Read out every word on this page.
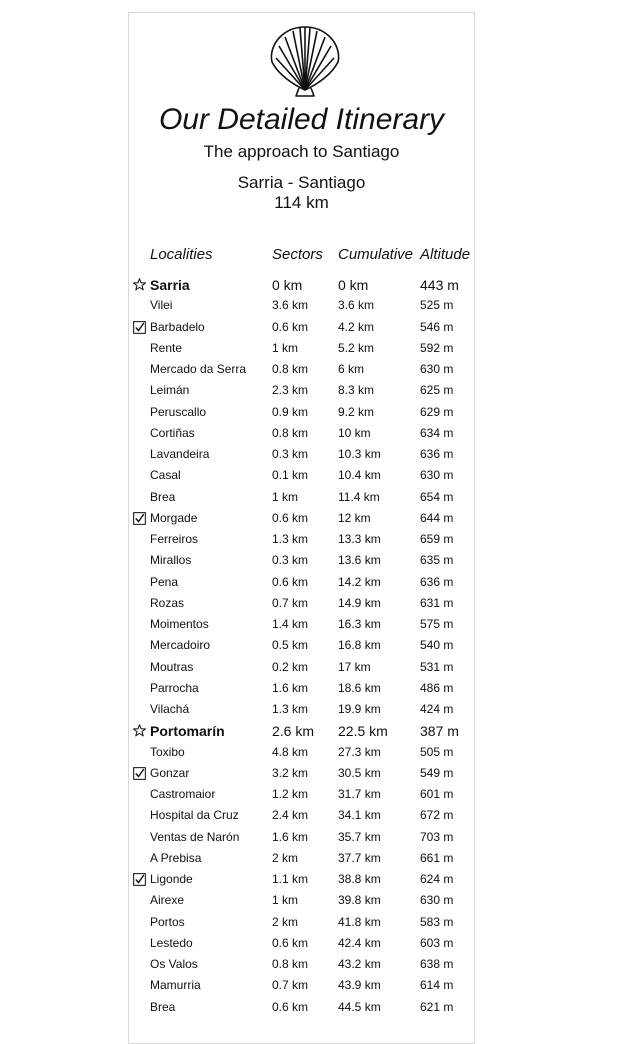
Our Detailed Itinerary
The approach to Santiago
Sarria - Santiago
114 km
Localities	Sectors Cumulative Altitude
Sarria	0 km	0 km	443 m
Vilei	3.6 km 3.6 km	525 m
Barbadelo	0.6 km 4.2 km	546 m
Rente	1 km	5.2 km	592 m
Mercado da Serra 0.8 km 6 km	630 m
Leimán	2.3 km 8.3 km	625 m
Peruscallo	0.9 km 9.2 km	629 m
Cortiñas	0.8 km 10 km	634 m
Lavandeira	0.3 km 10.3 km	636 m
Casal	0.1 km 10.4 km	630 m
Brea	1 km	11.4 km	654 m
Morgade	0.6 km 12 km	644 m
Ferreiros	1.3 km 13.3 km	659 m
Mirallos	0.3 km 13.6 km	635 m
Pena	0.6 km 14.2 km	636 m
Rozas	0.7 km 14.9 km	631 m
Moimentos	1.4 km 16.3 km	575 m
Mercadoiro	0.5 km 16.8 km	540 m
Moutras	0.2 km 17 km	531 m
Parrocha	1.6 km 18.6 km	486 m
Vilachá	1.3 km 19.9 km	424 m
Portomarín	2.6 km 22.5 km 387 m
Toxibo	4.8 km 27.3 km	505 m
Gonzar	3.2 km 30.5 km	549 m
Castromaior	1.2 km 31.7 km	601 m
Hospital da Cruz	2.4 km 34.1 km	672 m
Ventas de Narón	1.6 km 35.7 km	703 m
A Prebisa	2 km	37.7 km	661 m
Ligonde	1.1 km 38.8 km	624 m
Airexe	1 km	39.8 km	630 m
Portos	2 km	41.8 km	583 m
Lestedo	0.6 km 42.4 km	603 m
Os Valos	0.8 km 43.2 km	638 m
Mamurria	0.7 km 43.9 km	614 m
Brea	0.6 km 44.5 km	621 m
